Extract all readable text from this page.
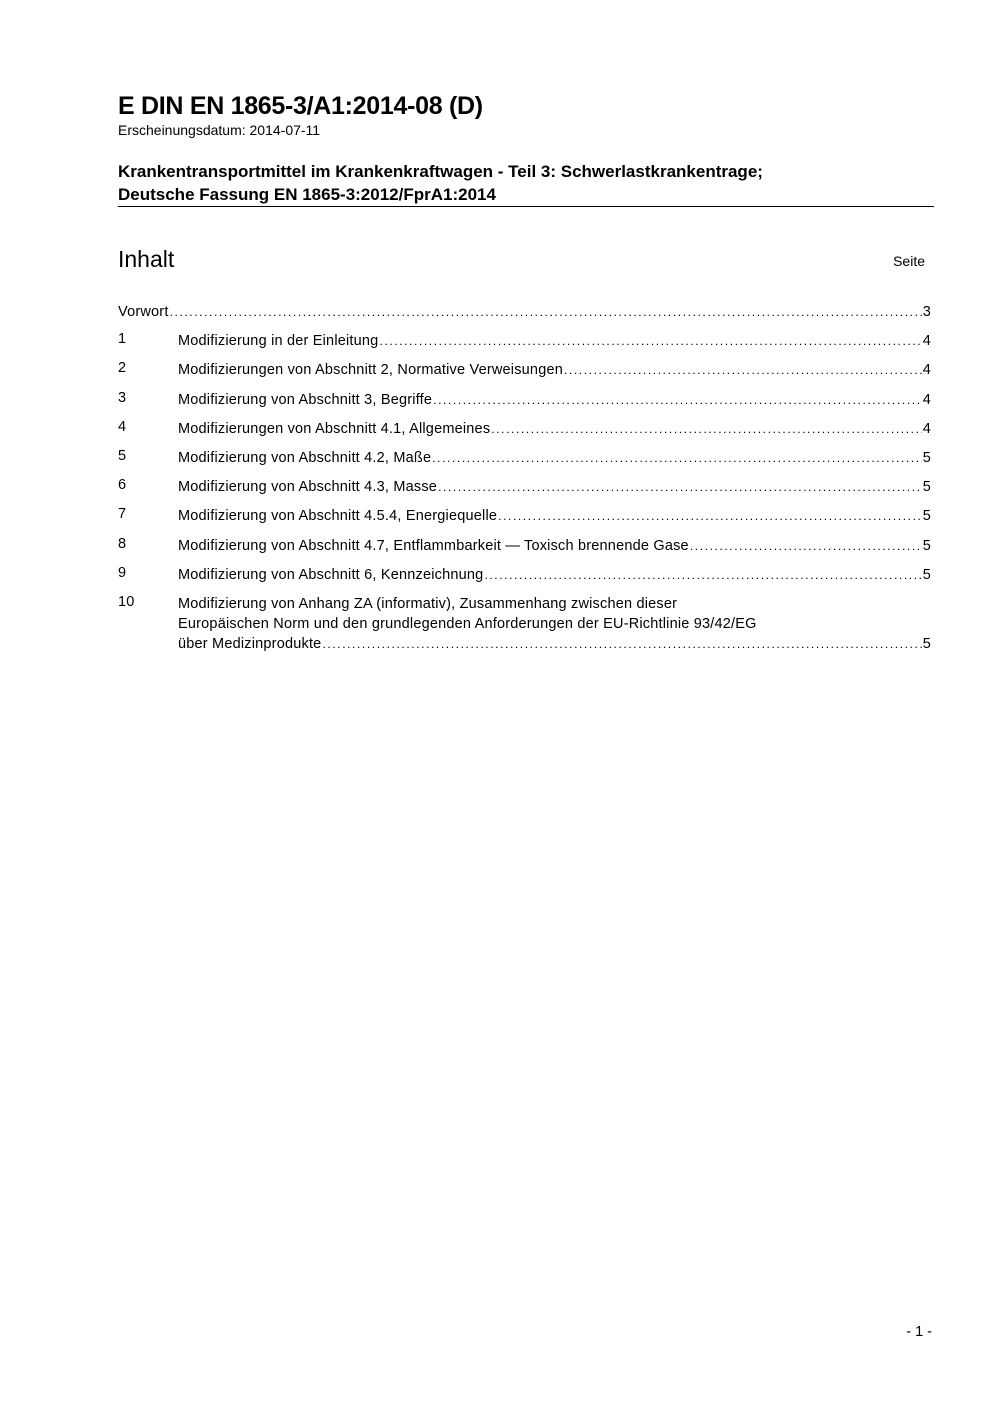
E DIN EN 1865-3/A1:2014-08 (D)
Erscheinungsdatum: 2014-07-11
Krankentransportmittel im Krankenkraftwagen - Teil 3: Schwerlastkrankentrage;
Deutsche Fassung EN 1865-3:2012/FprA1:2014
Inhalt	Seite
Vorwort .....	3
1	Modifizierung in der Einleitung .....	4
2	Modifizierungen von Abschnitt 2, Normative Verweisungen .....	4
3	Modifizierung von Abschnitt 3, Begriffe .....	4
4	Modifizierungen von Abschnitt 4.1, Allgemeines .....	4
5	Modifizierung von Abschnitt 4.2, Maße .....	5
6	Modifizierung von Abschnitt 4.3, Masse .....	5
7	Modifizierung von Abschnitt 4.5.4, Energiequelle .....	5
8	Modifizierung von Abschnitt 4.7, Entflammbarkeit — Toxisch brennende Gase .....	5
9	Modifizierung von Abschnitt 6, Kennzeichnung .....	5
10	Modifizierung von Anhang ZA (informativ), Zusammenhang zwischen dieser
Europäischen Norm und den grundlegenden Anforderungen der EU-Richtlinie 93/42/EG
über Medizinprodukte .....	5
- 1 -
